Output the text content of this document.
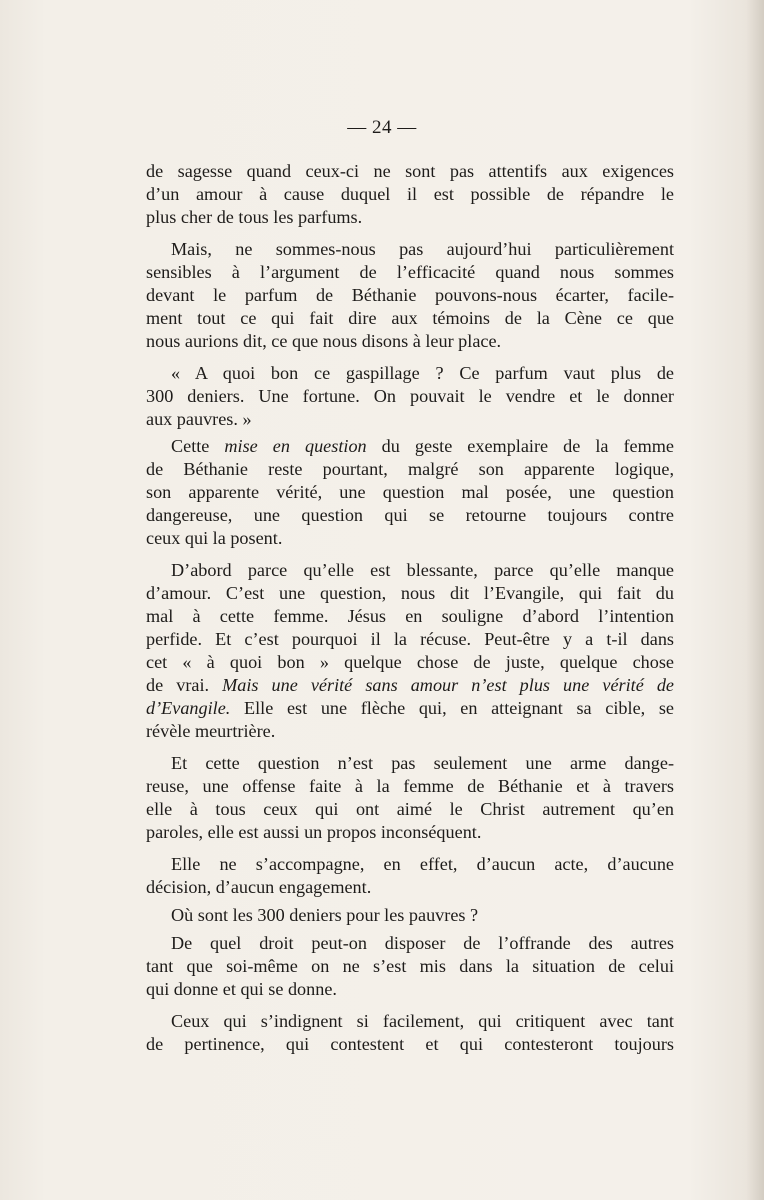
— 24 —

de sagesse quand ceux-ci ne sont pas attentifs aux exigences
d’un amour à cause duquel il est possible de répandre le
plus cher de tous les parfums.

Mais, ne sommes-nous pas aujourd’hui particulièrement
sensibles à l’argument de l’efficacité quand nous sommes
devant le parfum de Béthanie pouvons-nous écarter, facile-
ment tout ce qui fait dire aux témoins de la Cène ce que
nous aurions dit, ce que nous disons à leur place.

« A quoi bon ce gaspillage ? Ce parfum vaut plus de
300 deniers. Une fortune. On pouvait le vendre et le donner
aux pauvres. »

Cette mise en question du geste exemplaire de la femme
de Béthanie reste pourtant, malgré son apparente logique,
son apparente vérité, une question mal posée, une question
dangereuse, une question qui se retourne toujours contre
ceux qui la posent.

D’abord parce qu’elle est blessante, parce qu’elle manque
d’amour. C’est une question, nous dit l’Evangile, qui fait du
mal à cette femme. Jésus en souligne d’abord l’intention
perfide. Et c’est pourquoi il la récuse. Peut-être y a t-il dans
cet « à quoi bon » quelque chose de juste, quelque chose
de vrai. Mais une vérité sans amour n’est plus une vérité de
d’Evangile. Elle est une flèche qui, en atteignant sa cible, se
révèle meurtrière.

Et cette question n’est pas seulement une arme dange-
reuse, une offense faite à la femme de Béthanie et à travers
elle à tous ceux qui ont aimé le Christ autrement qu’en
paroles, elle est aussi un propos inconséquent.

Elle ne s’accompagne, en effet, d’aucun acte, d’aucune
décision, d’aucun engagement.

Où sont les 300 deniers pour les pauvres ?

De quel droit peut-on disposer de l’offrande des autres
tant que soi-même on ne s’est mis dans la situation de celui
qui donne et qui se donne.

Ceux qui s’indignent si facilement, qui critiquent avec tant
de pertinence, qui contestent et qui contesteront toujours
